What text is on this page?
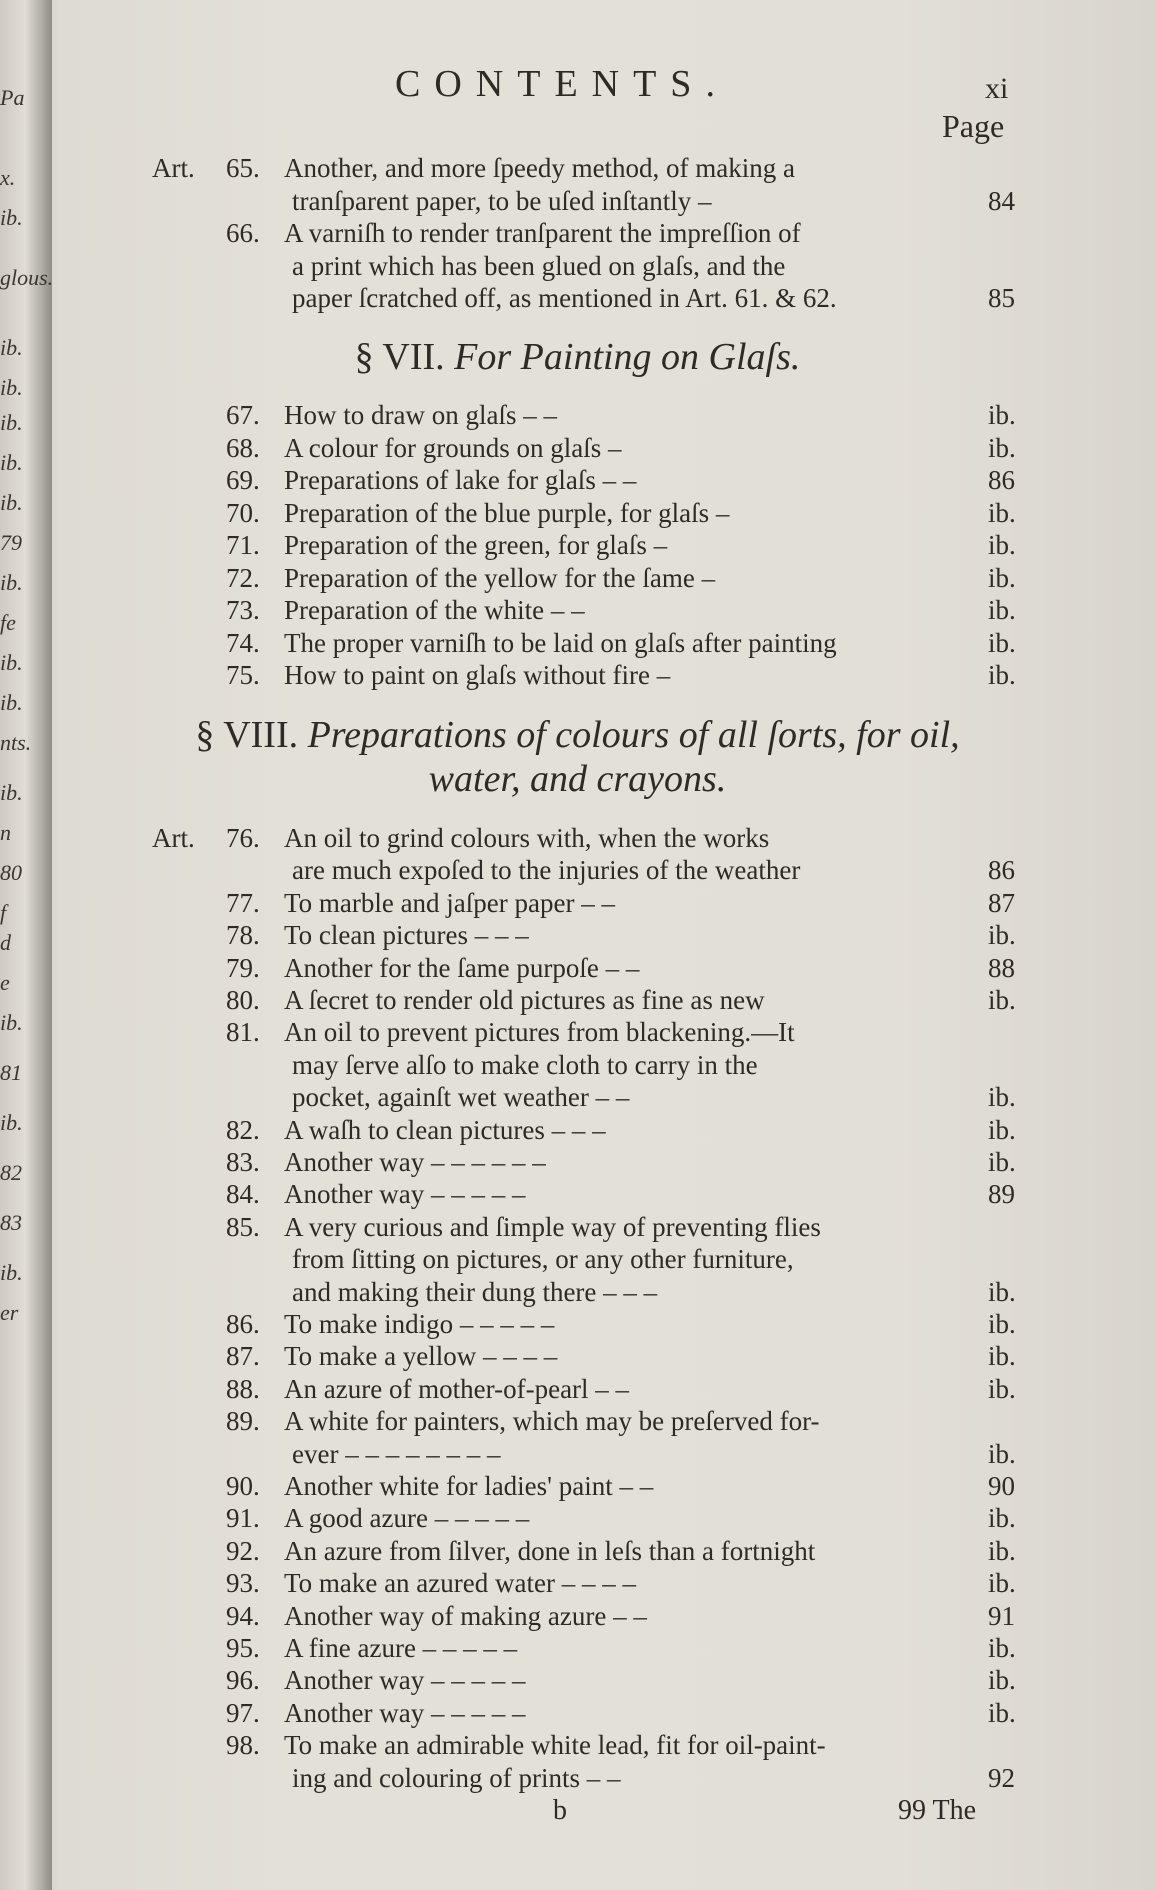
Pa
x.
ib.
glous.
ib.
ib.
ib.
ib.
ib.
79
ib.
fe
ib.
ib.
nts.
ib.
n
80
f
d
e
ib.
81
ib.
82
83
ib.
er
CONTENTS.	xi
Page
Art. 65. Another, and more ſpeedy method, of making a
tranſparent paper, to be uſed inſtantly –	84
66. A varniſh to render tranſparent the impreſſion of
a print which has been glued on glaſs, and the
paper ſcratched off, as mentioned in Art. 61. & 62.	85
§ VII. For Painting on Glaſs.
67. How to draw on glaſs – –	ib.
68. A colour for grounds on glaſs –	ib.
69. Preparations of lake for glaſs – –	86
70. Preparation of the blue purple, for glaſs –	ib.
71. Preparation of the green, for glaſs –	ib.
72. Preparation of the yellow for the ſame –	ib.
73. Preparation of the white – –	ib.
74. The proper varniſh to be laid on glaſs after painting	ib.
75. How to paint on glaſs without fire –	ib.
§ VIII. Preparations of colours of all ſorts, for oil,
water, and crayons.
Art. 76. An oil to grind colours with, when the works
are much expoſed to the injuries of the weather	86
77. To marble and jaſper paper – –	87
78. To clean pictures – – –	ib.
79. Another for the ſame purpoſe – –	88
80. A ſecret to render old pictures as fine as new	ib.
81. An oil to prevent pictures from blackening.—It
may ſerve alſo to make cloth to carry in the
pocket, againſt wet weather – –	ib.
82. A waſh to clean pictures – – –	ib.
83. Another way – – – – – –	ib.
84. Another way – – – – –	89
85. A very curious and ſimple way of preventing flies
from ſitting on pictures, or any other furniture,
and making their dung there – – –	ib.
86. To make indigo – – – – –	ib.
87. To make a yellow – – – –	ib.
88. An azure of mother-of-pearl – –	ib.
89. A white for painters, which may be preſerved for-
ever – – – – – – – –	ib.
90. Another white for ladies' paint – –	90
91. A good azure – – – – –	ib.
92. An azure from ſilver, done in leſs than a fortnight	ib.
93. To make an azured water – – – –	ib.
94. Another way of making azure – –	91
95. A fine azure – – – – –	ib.
96. Another way – – – – –	ib.
97. Another way – – – – –	ib.
98. To make an admirable white lead, fit for oil-paint-
ing and colouring of prints – –	92
b	99 The
